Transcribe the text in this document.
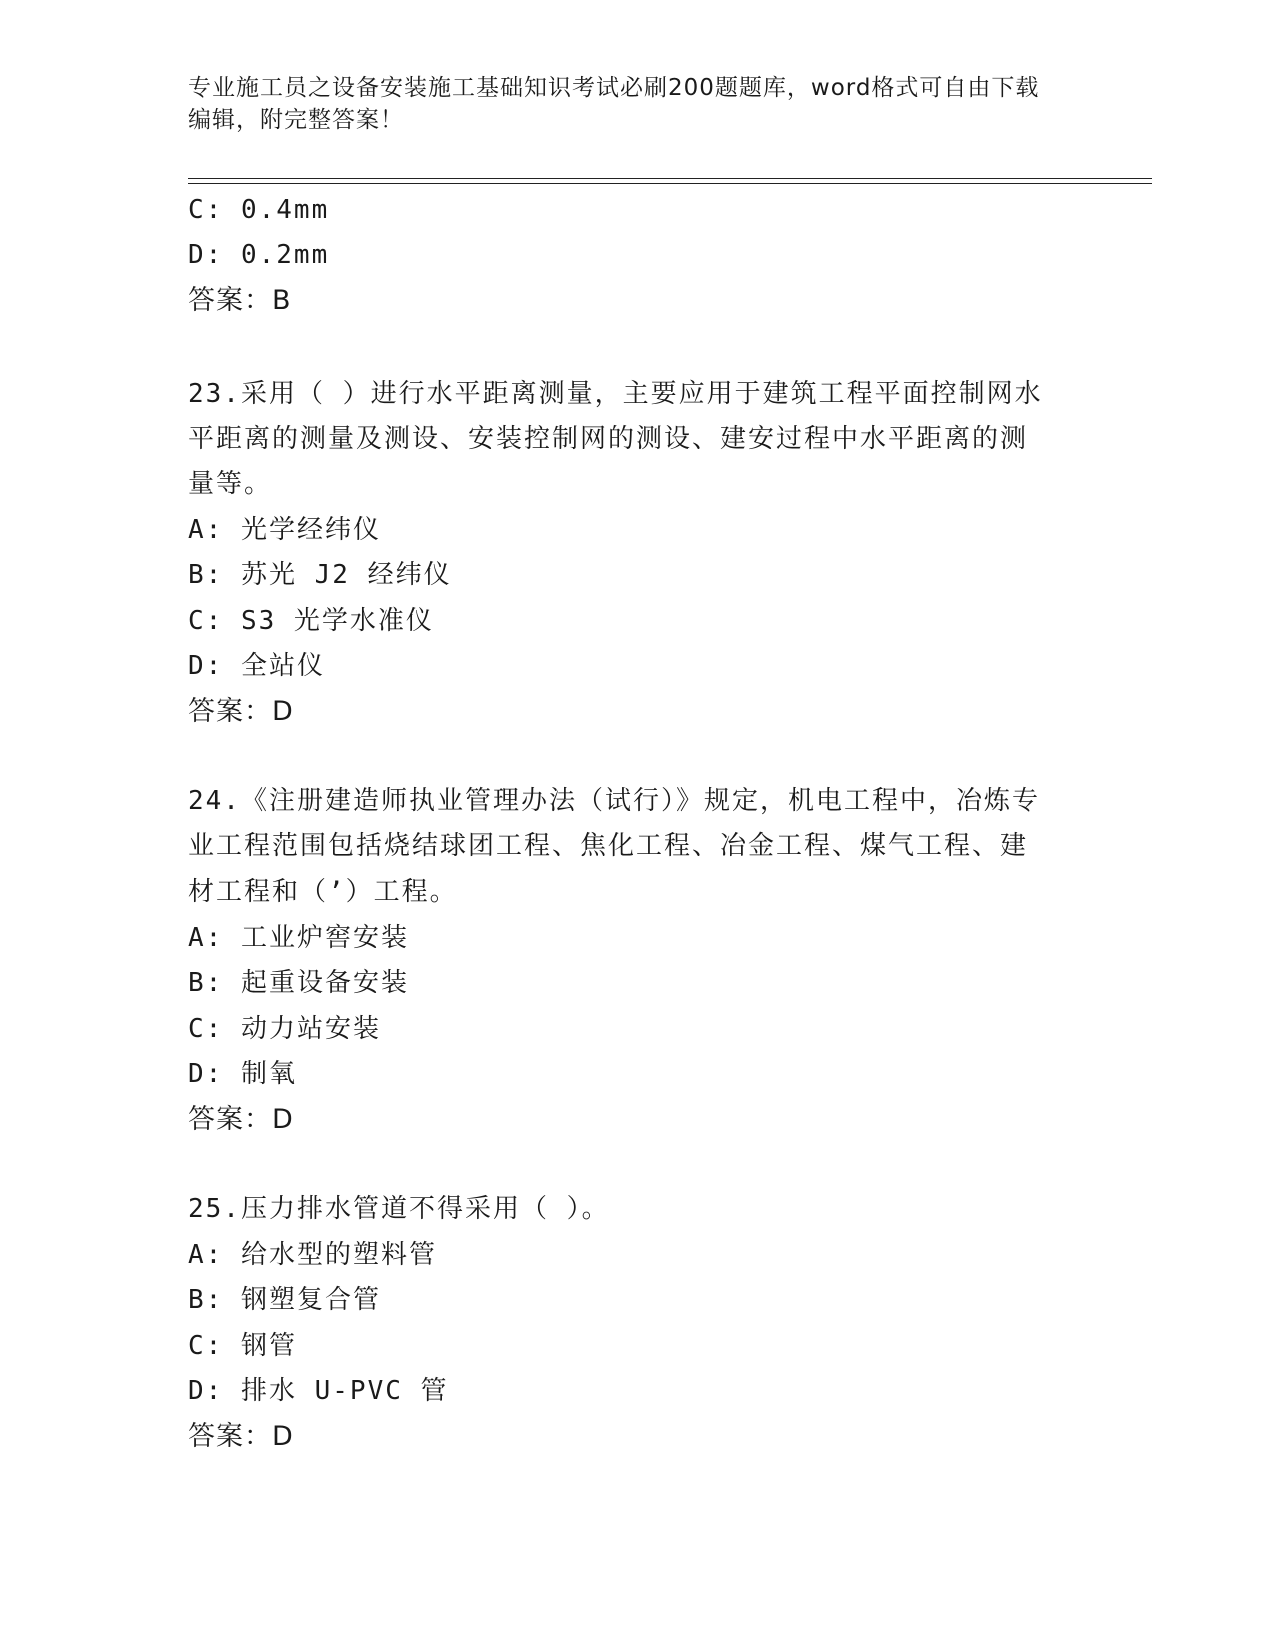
专业施工员之设备安装施工基础知识考试必刷200题题库，word格式可自由下载
编辑，附完整答案！
C: 0.4mm
D: 0.2mm
答案：B
23.采用（ ）进行水平距离测量，主要应用于建筑工程平面控制网水
平距离的测量及测设、安装控制网的测设、建安过程中水平距离的测
量等。
A: 光学经纬仪
B: 苏光 J2 经纬仪
C: S3 光学水准仪
D: 全站仪
答案：D
24.《注册建造师执业管理办法（试行）》规定，机电工程中，冶炼专
业工程范围包括烧结球团工程、焦化工程、冶金工程、煤气工程、建
材工程和（’）工程。
A: 工业炉窖安装
B: 起重设备安装
C: 动力站安装
D: 制氧
答案：D
25.压力排水管道不得采用（ ）。
A: 给水型的塑料管
B: 钢塑复合管
C: 钢管
D: 排水 U-PVC 管
答案：D
